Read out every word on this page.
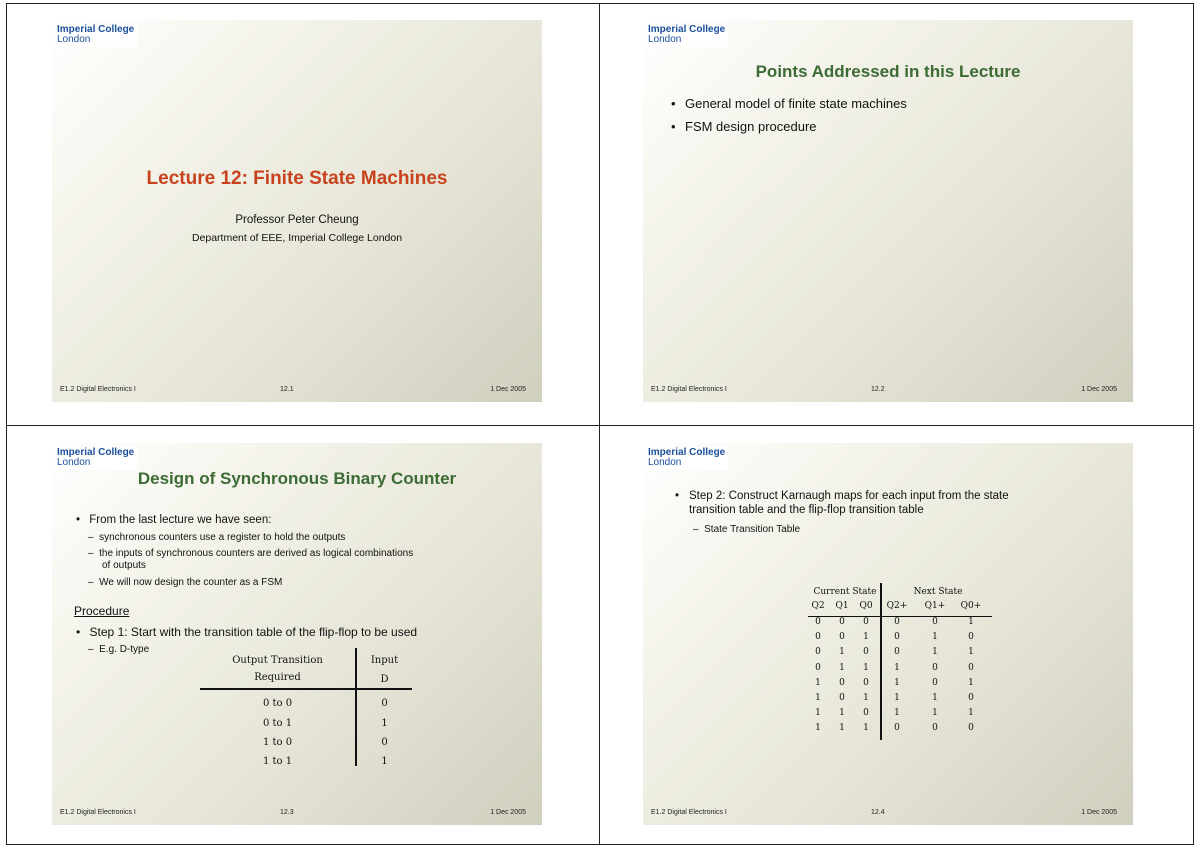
Imperial College
London
Lecture 12: Finite State Machines
Professor Peter Cheung
Department of EEE, Imperial College London
E1.2 Digital Electronics I	12.1	1 Dec 2005
Imperial College
London
Points Addressed in this Lecture
• General model of finite state machines
• FSM design procedure
E1.2 Digital Electronics I	12.2	1 Dec 2005
Imperial College
London
Design of Synchronous Binary Counter
• From the last lecture we have seen:
–  synchronous counters use a register to hold the outputs
–  the inputs of synchronous counters are derived as logical combinations
of outputs
–  We will now design the counter as a FSM
Procedure
• Step 1: Start with the transition table of the flip-flop to be used
–  E.g. D-type
Output Transition
Required
Input
D
0 to 0	0
0 to 1	1
1 to 0	0
1 to 1	1
E1.2 Digital Electronics I	12.3	1 Dec 2005
Imperial College
London
• Step 2: Construct Karnaugh maps for each input from the state
transition table and the flip-flop transition table
–  State Transition Table
Current State	Next State
Q2	Q1	Q0	Q2+ Q1+ Q0+
0	0	0	0	0	1
0	0	1	0	1	0
0	1	0	0	1	1
0	1	1	1	0	0
1	0	0	1	0	1
1	0	1	1	1	0
1	1	0	1	1	1
1	1	1	0	0	0
E1.2 Digital Electronics I	12.4	1 Dec 2005
